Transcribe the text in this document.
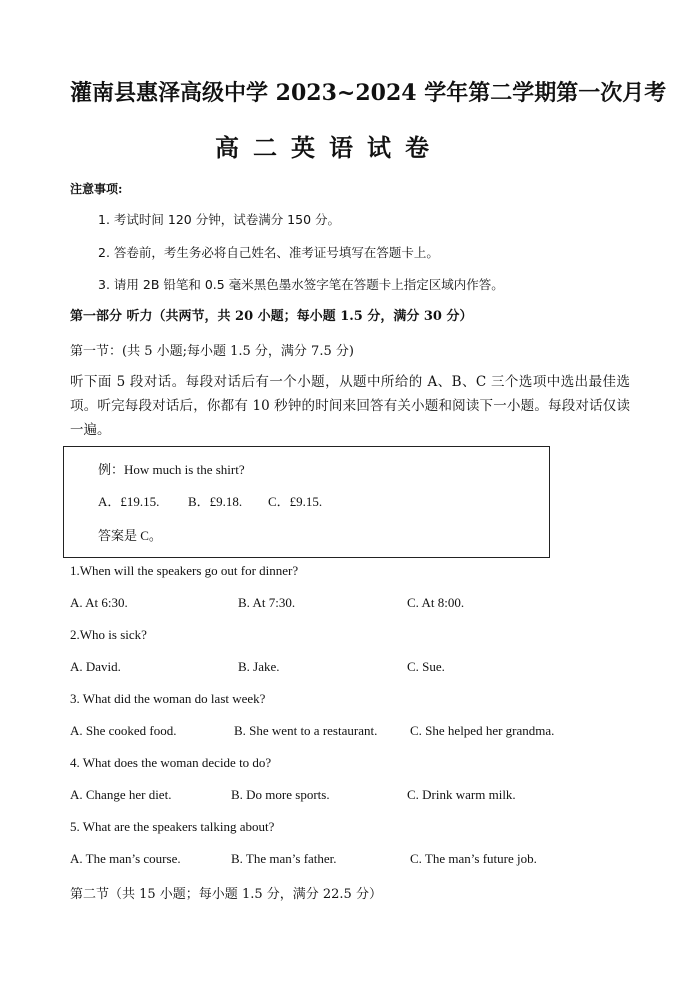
灌南县惠泽高级中学 2023~2024 学年第二学期第一次月考
高二英语试卷
注意事项:
1. 考试时间 120 分钟，试卷满分 150 分。
2. 答卷前，考生务必将自己姓名、准考证号填写在答题卡上。
3. 请用 2B 铅笔和 0.5 毫米黑色墨水签字笔在答题卡上指定区域内作答。
第一部分 听力（共两节，共 20 小题；每小题 1.5 分，满分 30 分）
第一节：(共 5 小题;每小题 1.5 分，满分 7.5 分)
听下面 5 段对话。每段对话后有一个小题，从题中所给的 A、B、C 三个选项中选出最佳选项。听完每段对话后，你都有 10 秒钟的时间来回答有关小题和阅读下一小题。每段对话仅读一遍。
例：How much is the shirt?
A．£19.15. B．£9.18. C．£9.15.
答案是 C。
1.When will the speakers go out for dinner?
A. At 6:30.	B. At 7:30.	C. At 8:00.
2.Who is sick?
A. David.	B. Jake.	C. Sue.
3. What did the woman do last week?
A. She cooked food.	B. She went to a restaurant.	C. She helped her grandma.
4. What does the woman decide to do?
A. Change her diet.	B. Do more sports.	C. Drink warm milk.
5. What are the speakers talking about?
A. The man’s course.	B. The man’s father.	C. The man’s future job.
第二节（共 15 小题；每小题 1.5 分，满分 22.5 分）
